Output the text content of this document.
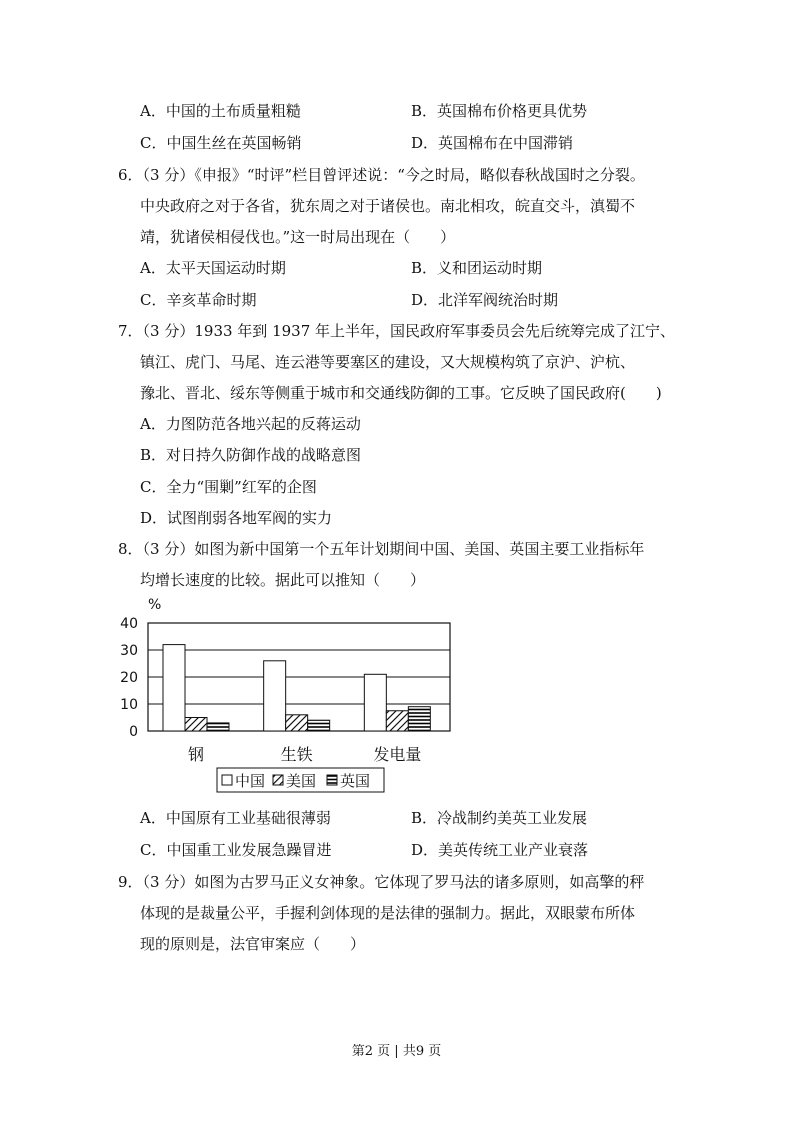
A．中国的土布质量粗糙	B．英国棉布价格更具优势
C．中国生丝在英国畅销	D．英国棉布在中国滞销
6．（3 分）《申报》“时评”栏目曾评述说：“今之时局，略似春秋战国时之分裂。
中央政府之对于各省，犹东周之对于诸侯也。南北相攻，皖直交斗，滇蜀不
靖，犹诸侯相侵伐也。”这一时局出现在（　　）
A．太平天国运动时期	B．义和团运动时期
C．辛亥革命时期	D．北洋军阀统治时期
7．（3 分）1933 年到 1937 年上半年，国民政府军事委员会先后统筹完成了江宁、
镇江、虎门、马尾、连云港等要塞区的建设，又大规模构筑了京沪、沪杭、
豫北、晋北、绥东等侧重于城市和交通线防御的工事。它反映了国民政府(　　)
A．力图防范各地兴起的反蒋运动
B．对日持久防御作战的战略意图
C．全力“围剿”红军的企图
D．试图削弱各地军阀的实力
8．（3 分）如图为新中国第一个五年计划期间中国、美国、英国主要工业指标年
均增长速度的比较。据此可以推知（　　）
%
0
10
20
30
40
钢	生铁	发电量
中国 美国 英国
A．中国原有工业基础很薄弱	B．冷战制约美英工业发展
C．中国重工业发展急躁冒进	D．美英传统工业产业衰落
9．（3 分）如图为古罗马正义女神象。它体现了罗马法的诸多原则，如高擎的秤
体现的是裁量公平，手握利剑体现的是法律的强制力。据此，双眼蒙布所体
现的原则是，法官审案应（　　）
第2 页 | 共9 页
